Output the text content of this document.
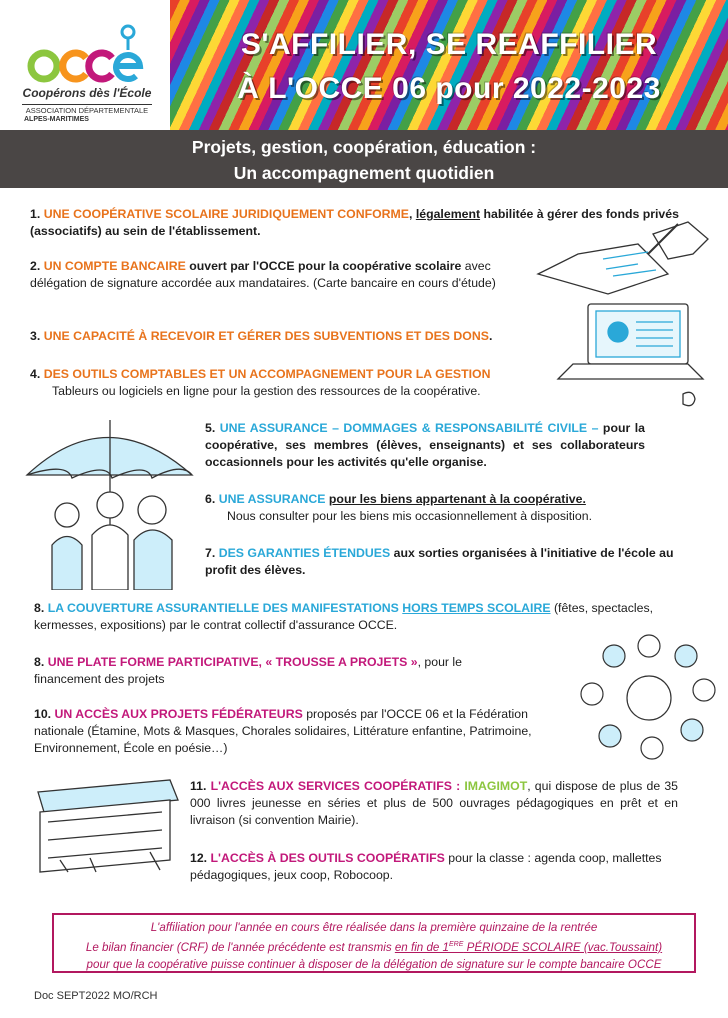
Coopérons dès l'École
ASSOCIATION DÉPARTEMENTALE
ALPES-MARITIMES
S'AFFILIER, SE REAFFILIER
À L'OCCE 06 pour 2022-2023
Projets, gestion, coopération, éducation :
Un accompagnement quotidien
1. UNE COOPÉRATIVE SCOLAIRE JURIDIQUEMENT CONFORME, légalement habilitée à gérer des fonds privés (associatifs) au sein de l'établissement.
2. UN COMPTE BANCAIRE ouvert par l'OCCE pour la coopérative scolaire avec délégation de signature accordée aux mandataires. (Carte bancaire en cours d'étude)
3. UNE CAPACITÉ À RECEVOIR ET GÉRER DES SUBVENTIONS ET DES DONS.
4. DES OUTILS COMPTABLES ET UN ACCOMPAGNEMENT POUR LA GESTION
Tableurs ou logiciels en ligne pour la gestion des ressources de la coopérative.
5. UNE ASSURANCE – DOMMAGES & RESPONSABILITÉ CIVILE – pour la coopérative, ses membres (élèves, enseignants) et ses collaborateurs occasionnels pour les activités qu'elle organise.
6. UNE ASSURANCE pour les biens appartenant à la coopérative.
Nous consulter pour les biens mis occasionnellement à disposition.
7. DES GARANTIES ÉTENDUES aux sorties organisées à l'initiative de l'école au profit des élèves.
8. LA COUVERTURE ASSURANTIELLE DES MANIFESTATIONS HORS TEMPS SCOLAIRE (fêtes, spectacles, kermesses, expositions) par le contrat collectif d'assurance OCCE.
8. UNE PLATE FORME PARTICIPATIVE, « TROUSSE A PROJETS », pour le financement des projets
10. UN ACCÈS AUX PROJETS FÉDÉRATEURS proposés par l'OCCE 06 et la Fédération nationale (Étamine, Mots & Masques, Chorales solidaires, Littérature enfantine, Patrimoine, Environnement, École en poésie…)
11. L'ACCÈS AUX SERVICES COOPÉRATIFS : IMAGIMOT, qui dispose de plus de 35 000 livres jeunesse en séries et plus de 500 ouvrages pédagogiques en prêt et en livraison (si convention Mairie).
12. L'ACCÈS À DES OUTILS COOPÉRATIFS pour la classe : agenda coop, mallettes pédagogiques, jeux coop, Robocoop.
L'affiliation pour l'année en cours être réalisée dans la première quinzaine de la rentrée
Le bilan financier (CRF) de l'année précédente est transmis en fin de 1ERE PÉRIODE SCOLAIRE (vac.Toussaint)
pour que la coopérative puisse continuer à disposer de la délégation de signature sur le compte bancaire OCCE
Doc SEPT2022 MO/RCH
